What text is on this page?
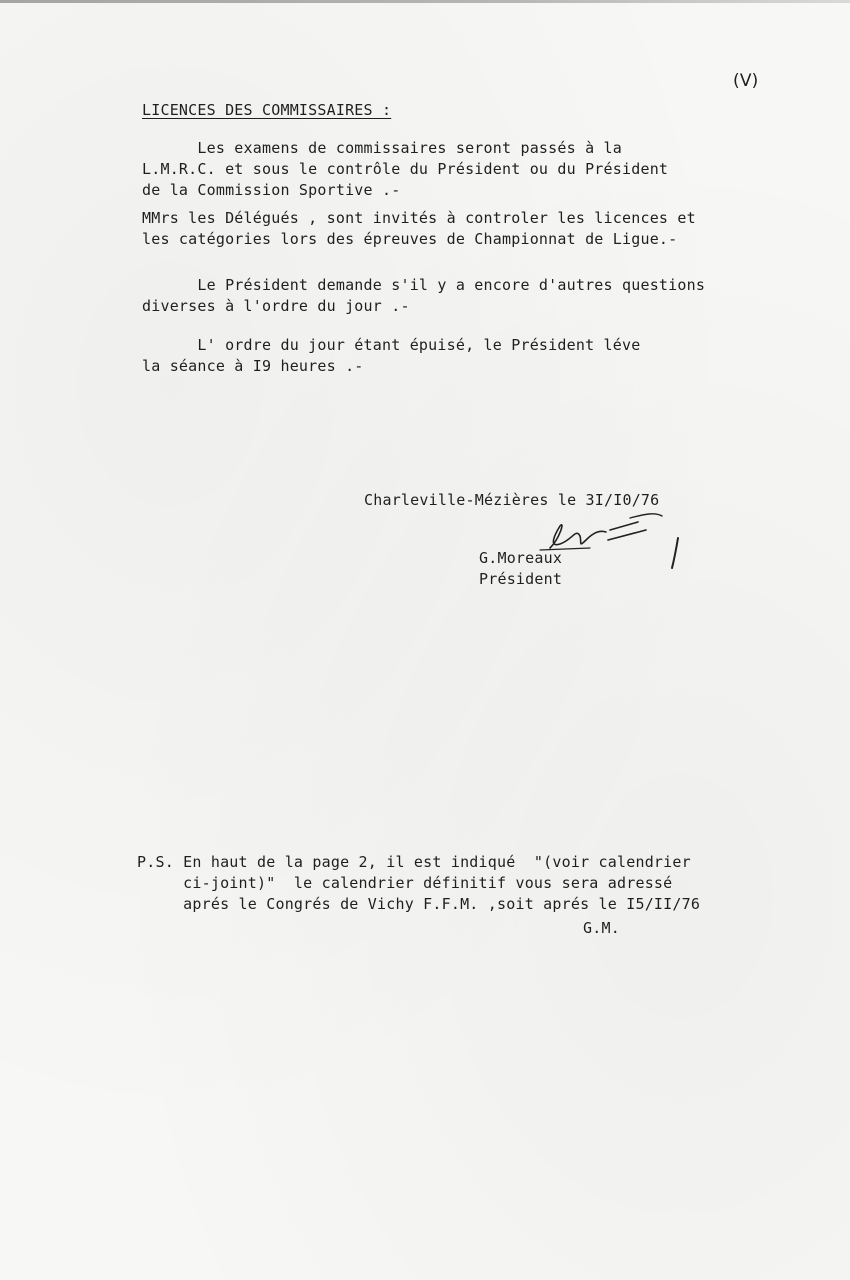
(V)
LICENCES DES COMMISSAIRES :
Les examens de commissaires seront passés à la
L.M.R.C. et sous le contrôle du Président ou du Président
de la Commission Sportive .-
MMrs les Délégués , sont invités à controler les licences et
les catégories lors des épreuves de Championnat de Ligue.-
Le Président demande s'il y a encore d'autres questions
diverses à l'ordre du jour .-
L' ordre du jour étant épuisé, le Président léve
la séance à I9 heures .-
Charleville-Mézières le 3I/I0/76
G.Moreaux
Président
P.S. En haut de la page 2, il est indiqué  "(voir calendrier
ci-joint)"  le calendrier définitif vous sera adressé
aprés le Congrés de Vichy F.F.M. ,soit aprés le I5/II/76
G.M.
